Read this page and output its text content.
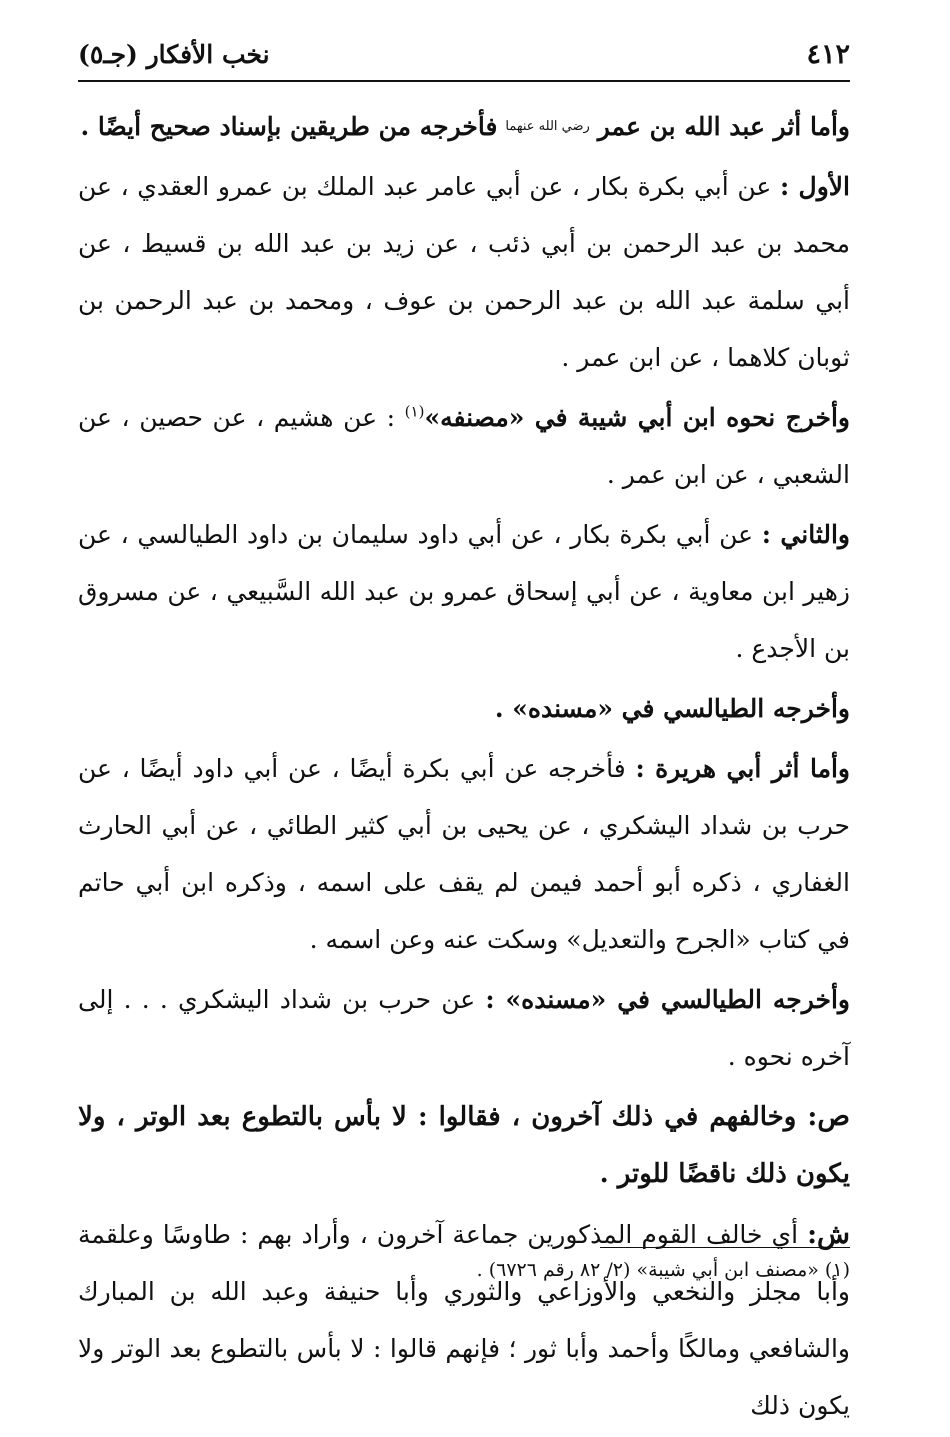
٤١٢
نخب الأفكار (جـ٥)

وأما أثر عبد الله بن عمر $^{رضي الله عنهما}$ فأخرجه من طريقين بإسناد صحيح أيضًا .

الأول : عن أبي بكرة بكار ، عن أبي عامر عبد الملك بن عمرو العقدي ، عن محمد بن عبد الرحمن بن أبي ذئب ، عن زيد بن عبد الله بن قسيط ، عن أبي سلمة عبد الله بن عبد الرحمن بن عوف ، ومحمد بن عبد الرحمن بن ثوبان كلاهما ، عن ابن عمر .

وأخرج نحوه ابن أبي شيبة في «مصنفه»$^{(١)}$ : عن هشيم ، عن حصين ، عن الشعبي ، عن ابن عمر .

والثاني : عن أبي بكرة بكار ، عن أبي داود سليمان بن داود الطيالسي ، عن زهير ابن معاوية ، عن أبي إسحاق عمرو بن عبد الله السَّبيعي ، عن مسروق بن الأجدع .

وأخرجه الطيالسي في «مسنده» .

وأما أثر أبي هريرة : فأخرجه عن أبي بكرة أيضًا ، عن أبي داود أيضًا ، عن حرب بن شداد اليشكري ، عن يحيى بن أبي كثير الطائي ، عن أبي الحارث الغفاري ، ذكره أبو أحمد فيمن لم يقف على اسمه ، وذكره ابن أبي حاتم في كتاب «الجرح والتعديل» وسكت عنه وعن اسمه .

وأخرجه الطيالسي في «مسنده» : عن حرب بن شداد اليشكري . . . إلى آخره نحوه .

ص: وخالفهم في ذلك آخرون ، فقالوا : لا بأس بالتطوع بعد الوتر ، ولا يكون ذلك ناقضًا للوتر .

ش: أي خالف القوم المذكورين جماعة آخرون ، وأراد بهم : طاوسًا وعلقمة وأبا مجلز والنخعي والأوزاعي والثوري وأبا حنيفة وعبد الله بن المبارك والشافعي ومالكًا وأحمد وأبا ثور ؛ فإنهم قالوا : لا بأس بالتطوع بعد الوتر ولا يكون ذلك

(١) «مصنف ابن أبي شيبة» (٢/ ٨٢ رقم ٦٧٢٦) .
